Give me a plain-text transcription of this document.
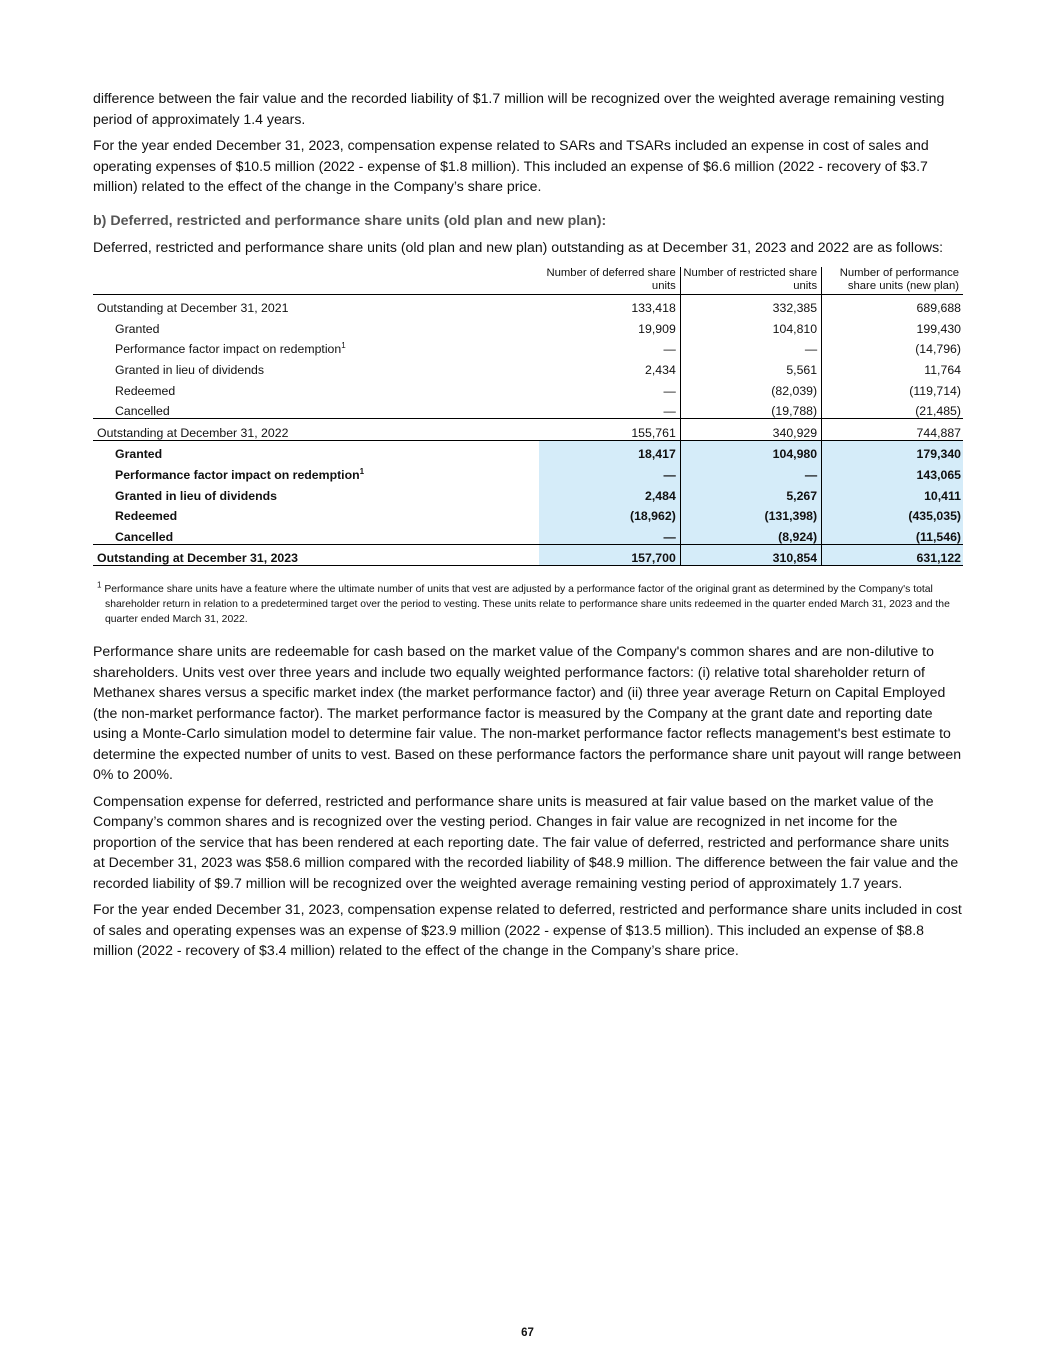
difference between the fair value and the recorded liability of $1.7 million will be recognized over the weighted average remaining vesting period of approximately 1.4 years.

For the year ended December 31, 2023, compensation expense related to SARs and TSARs included an expense in cost of sales and operating expenses of $10.5 million (2022 - expense of $1.8 million). This included an expense of $6.6 million (2022 - recovery of $3.7 million) related to the effect of the change in the Company’s share price.

b) Deferred, restricted and performance share units (old plan and new plan):

Deferred, restricted and performance share units (old plan and new plan) outstanding as at December 31, 2023 and 2022 are as follows:

	Number of deferred share units	Number of restricted share units	Number of performance share units (new plan)
Outstanding at December 31, 2021	133,418	332,385	689,688
Granted	19,909	104,810	199,430
Performance factor impact on redemption$^1$	—	—	(14,796)
Granted in lieu of dividends	2,434	5,561	11,764
Redeemed	—	(82,039)	(119,714)
Cancelled	—	(19,788)	(21,485)
Outstanding at December 31, 2022	155,761	340,929	744,887
Granted	18,417	104,980	179,340
Performance factor impact on redemption$^1$	—	—	143,065
Granted in lieu of dividends	2,484	5,267	10,411
Redeemed	(18,962)	(131,398)	(435,035)
Cancelled	—	(8,924)	(11,546)
Outstanding at December 31, 2023	157,700	310,854	631,122

$^1$ Performance share units have a feature where the ultimate number of units that vest are adjusted by a performance factor of the original grant as determined by the Company's total shareholder return in relation to a predetermined target over the period to vesting. These units relate to performance share units redeemed in the quarter ended March 31, 2023 and the quarter ended March 31, 2022.

Performance share units are redeemable for cash based on the market value of the Company's common shares and are non-dilutive to shareholders. Units vest over three years and include two equally weighted performance factors: (i) relative total shareholder return of Methanex shares versus a specific market index (the market performance factor) and (ii) three year average Return on Capital Employed (the non-market performance factor). The market performance factor is measured by the Company at the grant date and reporting date using a Monte-Carlo simulation model to determine fair value. The non-market performance factor reflects management's best estimate to determine the expected number of units to vest. Based on these performance factors the performance share unit payout will range between 0% to 200%.

Compensation expense for deferred, restricted and performance share units is measured at fair value based on the market value of the Company’s common shares and is recognized over the vesting period. Changes in fair value are recognized in net income for the proportion of the service that has been rendered at each reporting date. The fair value of deferred, restricted and performance share units at December 31, 2023 was $58.6 million compared with the recorded liability of $48.9 million. The difference between the fair value and the recorded liability of $9.7 million will be recognized over the weighted average remaining vesting period of approximately 1.7 years.

For the year ended December 31, 2023, compensation expense related to deferred, restricted and performance share units included in cost of sales and operating expenses was an expense of $23.9 million (2022 - expense of $13.5 million). This included an expense of $8.8 million (2022 - recovery of $3.4 million) related to the effect of the change in the Company’s share price.

67
